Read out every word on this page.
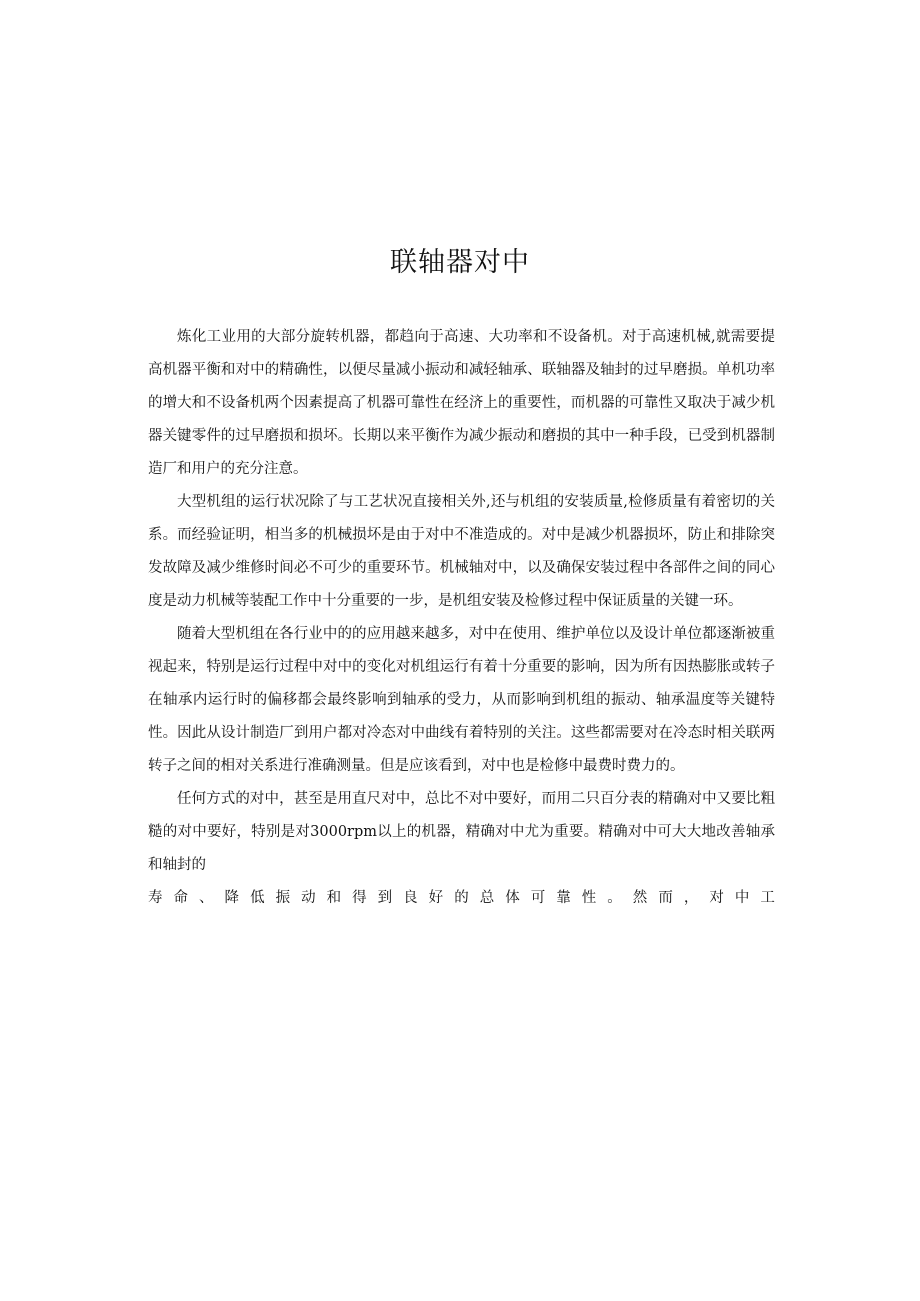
联轴器对中

炼化工业用的大部分旋转机器，都趋向于高速、大功率和不设备机。对于高速机械,就需要提高机器平衡和对中的精确性，以便尽量减小振动和减轻轴承、联轴器及轴封的过早磨损。单机功率的增大和不设备机两个因素提高了机器可靠性在经济上的重要性，而机器的可靠性又取决于减少机器关键零件的过早磨损和损坏。长期以来平衡作为减少振动和磨损的其中一种手段，已受到机器制造厂和用户的充分注意。

大型机组的运行状况除了与工艺状况直接相关外,还与机组的安装质量,检修质量有着密切的关系。而经验证明，相当多的机械损坏是由于对中不准造成的。对中是减少机器损坏，防止和排除突发故障及减少维修时间必不可少的重要环节。机械轴对中，以及确保安装过程中各部件之间的同心度是动力机械等装配工作中十分重要的一步，是机组安装及检修过程中保证质量的关键一环。

随着大型机组在各行业中的的应用越来越多，对中在使用、维护单位以及设计单位都逐渐被重视起来，特别是运行过程中对中的变化对机组运行有着十分重要的影响，因为所有因热膨胀或转子在轴承内运行时的偏移都会最终影响到轴承的受力，从而影响到机组的振动、轴承温度等关键特性。因此从设计制造厂到用户都对冷态对中曲线有着特别的关注。这些都需要对在冷态时相关联两转子之间的相对关系进行准确测量。但是应该看到，对中也是检修中最费时费力的。

任何方式的对中，甚至是用直尺对中，总比不对中要好，而用二只百分表的精确对中又要比粗糙的对中要好，特别是对3000rpm以上的机器，精确对中尤为重要。精确对中可大大地改善轴承和轴封的
寿 命 、 降 低 振 动 和 得 到 良 好 的 总 体 可 靠 性 。 然 而 ， 对 中 工
